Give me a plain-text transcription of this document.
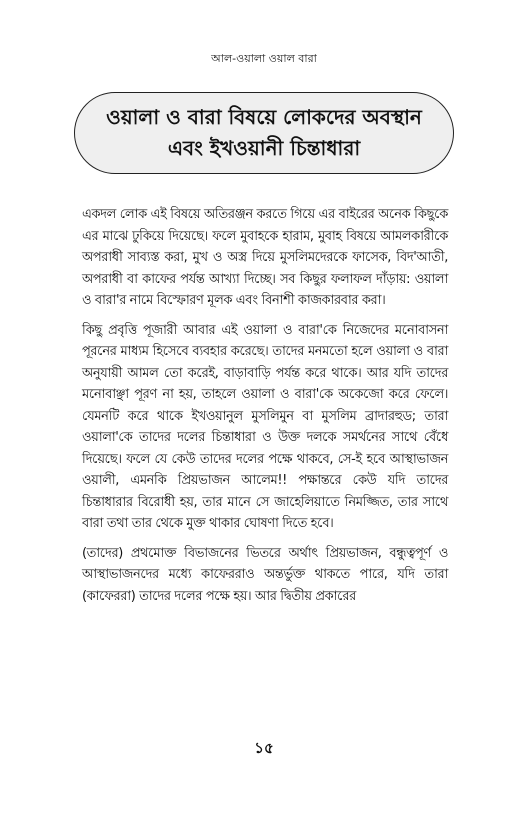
আল-ওয়ালা ওয়াল বারা
ওয়ালা ও বারা বিষয়ে লোকদের অবস্থান
এবং ইখওয়ানী চিন্তাধারা

একদল লোক এই বিষয়ে অতিরঞ্জন করতে গিয়ে এর বাইরের অনেক কিছুকে এর মাঝে ঢুকিয়ে দিয়েছে। ফলে মুবাহকে হারাম, মুবাহ বিষয়ে আমলকারীকে অপরাধী সাব্যস্ত করা, মুখ ও অস্ত্র দিয়ে মুসলিমদেরকে ফাসেক, বিদ'আতী, অপরাধী বা কাফের পর্যন্ত আখ্যা দিচ্ছে। সব কিছুর ফলাফল দাঁড়ায়: ওয়ালা ও বারা'র নামে বিস্ফোরণ মূলক এবং বিনাশী কাজকারবার করা।

কিছু প্রবৃত্তি পূজারী আবার এই ওয়ালা ও বারা'কে নিজেদের মনোবাসনা পূরনের মাধ্যম হিসেবে ব্যবহার করেছে। তাদের মনমতো হলে ওয়ালা ও বারা অনুযায়ী আমল তো করেই, বাড়াবাড়ি পর্যন্ত করে থাকে। আর যদি তাদের মনোবাঞ্ছা পূরণ না হয়, তাহলে ওয়ালা ও বারা'কে অকেজো করে ফেলে। যেমনটি করে থাকে ইখওয়ানুল মুসলিমুন বা মুসলিম ব্রাদারহুড; তারা ওয়ালা'কে তাদের দলের চিন্তাধারা ও উক্ত দলকে সমর্থনের সাথে বেঁধে দিয়েছে। ফলে যে কেউ তাদের দলের পক্ষে থাকবে, সে-ই হবে আস্থাভাজন ওয়ালী, এমনকি প্রিয়ভাজন আলেম!! পক্ষান্তরে কেউ যদি তাদের চিন্তাধারার বিরোধী হয়, তার মানে সে জাহেলিয়াতে নিমজ্জিত, তার সাথে বারা তথা তার থেকে মুক্ত থাকার ঘোষণা দিতে হবে।

(তাদের) প্রথমোক্ত বিভাজনের ভিতরে অর্থাৎ প্রিয়ভাজন, বন্ধুত্বপূর্ণ ও আস্থাভাজনদের মধ্যে কাফেররাও অন্তর্ভুক্ত থাকতে পারে, যদি তারা (কাফেররা) তাদের দলের পক্ষে হয়। আর দ্বিতীয় প্রকারের

১৫
